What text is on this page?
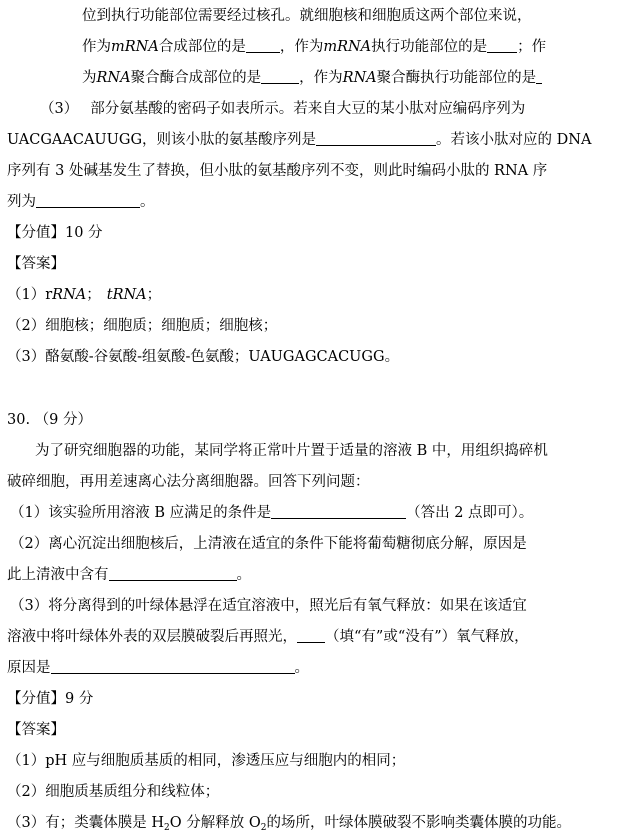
位到执行功能部位需要经过核孔。就细胞核和细胞质这两个部位来说，
作为mRNA合成部位的是 ，作为mRNA执行功能部位的是 ；作
为RNA聚合酶合成部位的是	，作为RNA聚合酶执行功能部位的是
（3） 部分氨基酸的密码子如表所示。若来自大豆的某小肽对应编码序列为
UACGAACAUUGG，则该小肽的氨基酸序列是	。若该小肽对应的 DNA
序列有 3 处碱基发生了替换，但小肽的氨基酸序列不变，则此时编码小肽的 RNA 序
列为	。
【分值】10 分
【答案】
（1）rRNA； tRNA；
（2）细胞核；细胞质；细胞质；细胞核；
（3）酪氨酸-谷氨酸-组氨酸-色氨酸；UAUGAGCACUGG。
30. （9 分）
为了研究细胞器的功能，某同学将正常叶片置于适量的溶液 B 中，用组织捣碎机
破碎细胞，再用差速离心法分离细胞器。回答下列问题：
（1）该实验所用溶液 B 应满足的条件是	（答出 2 点即可）。
（2）离心沉淀出细胞核后，上清液在适宜的条件下能将葡萄糖彻底分解，原因是
此上清液中含有	。
（3）将分离得到的叶绿体悬浮在适宜溶液中，照光后有氧气释放：如果在该适宜
溶液中将叶绿体外表的双层膜破裂后再照光， （填“有”或“没有”）氧气释放，
原因是	。
【分值】9 分
【答案】
（1）pH 应与细胞质基质的相同，渗透压应与细胞内的相同；
（2）细胞质基质组分和线粒体；
（3）有；类囊体膜是 $H_2O$ 分解释放 $O_2$的场所，叶绿体膜破裂不影响类囊体膜的功能。
